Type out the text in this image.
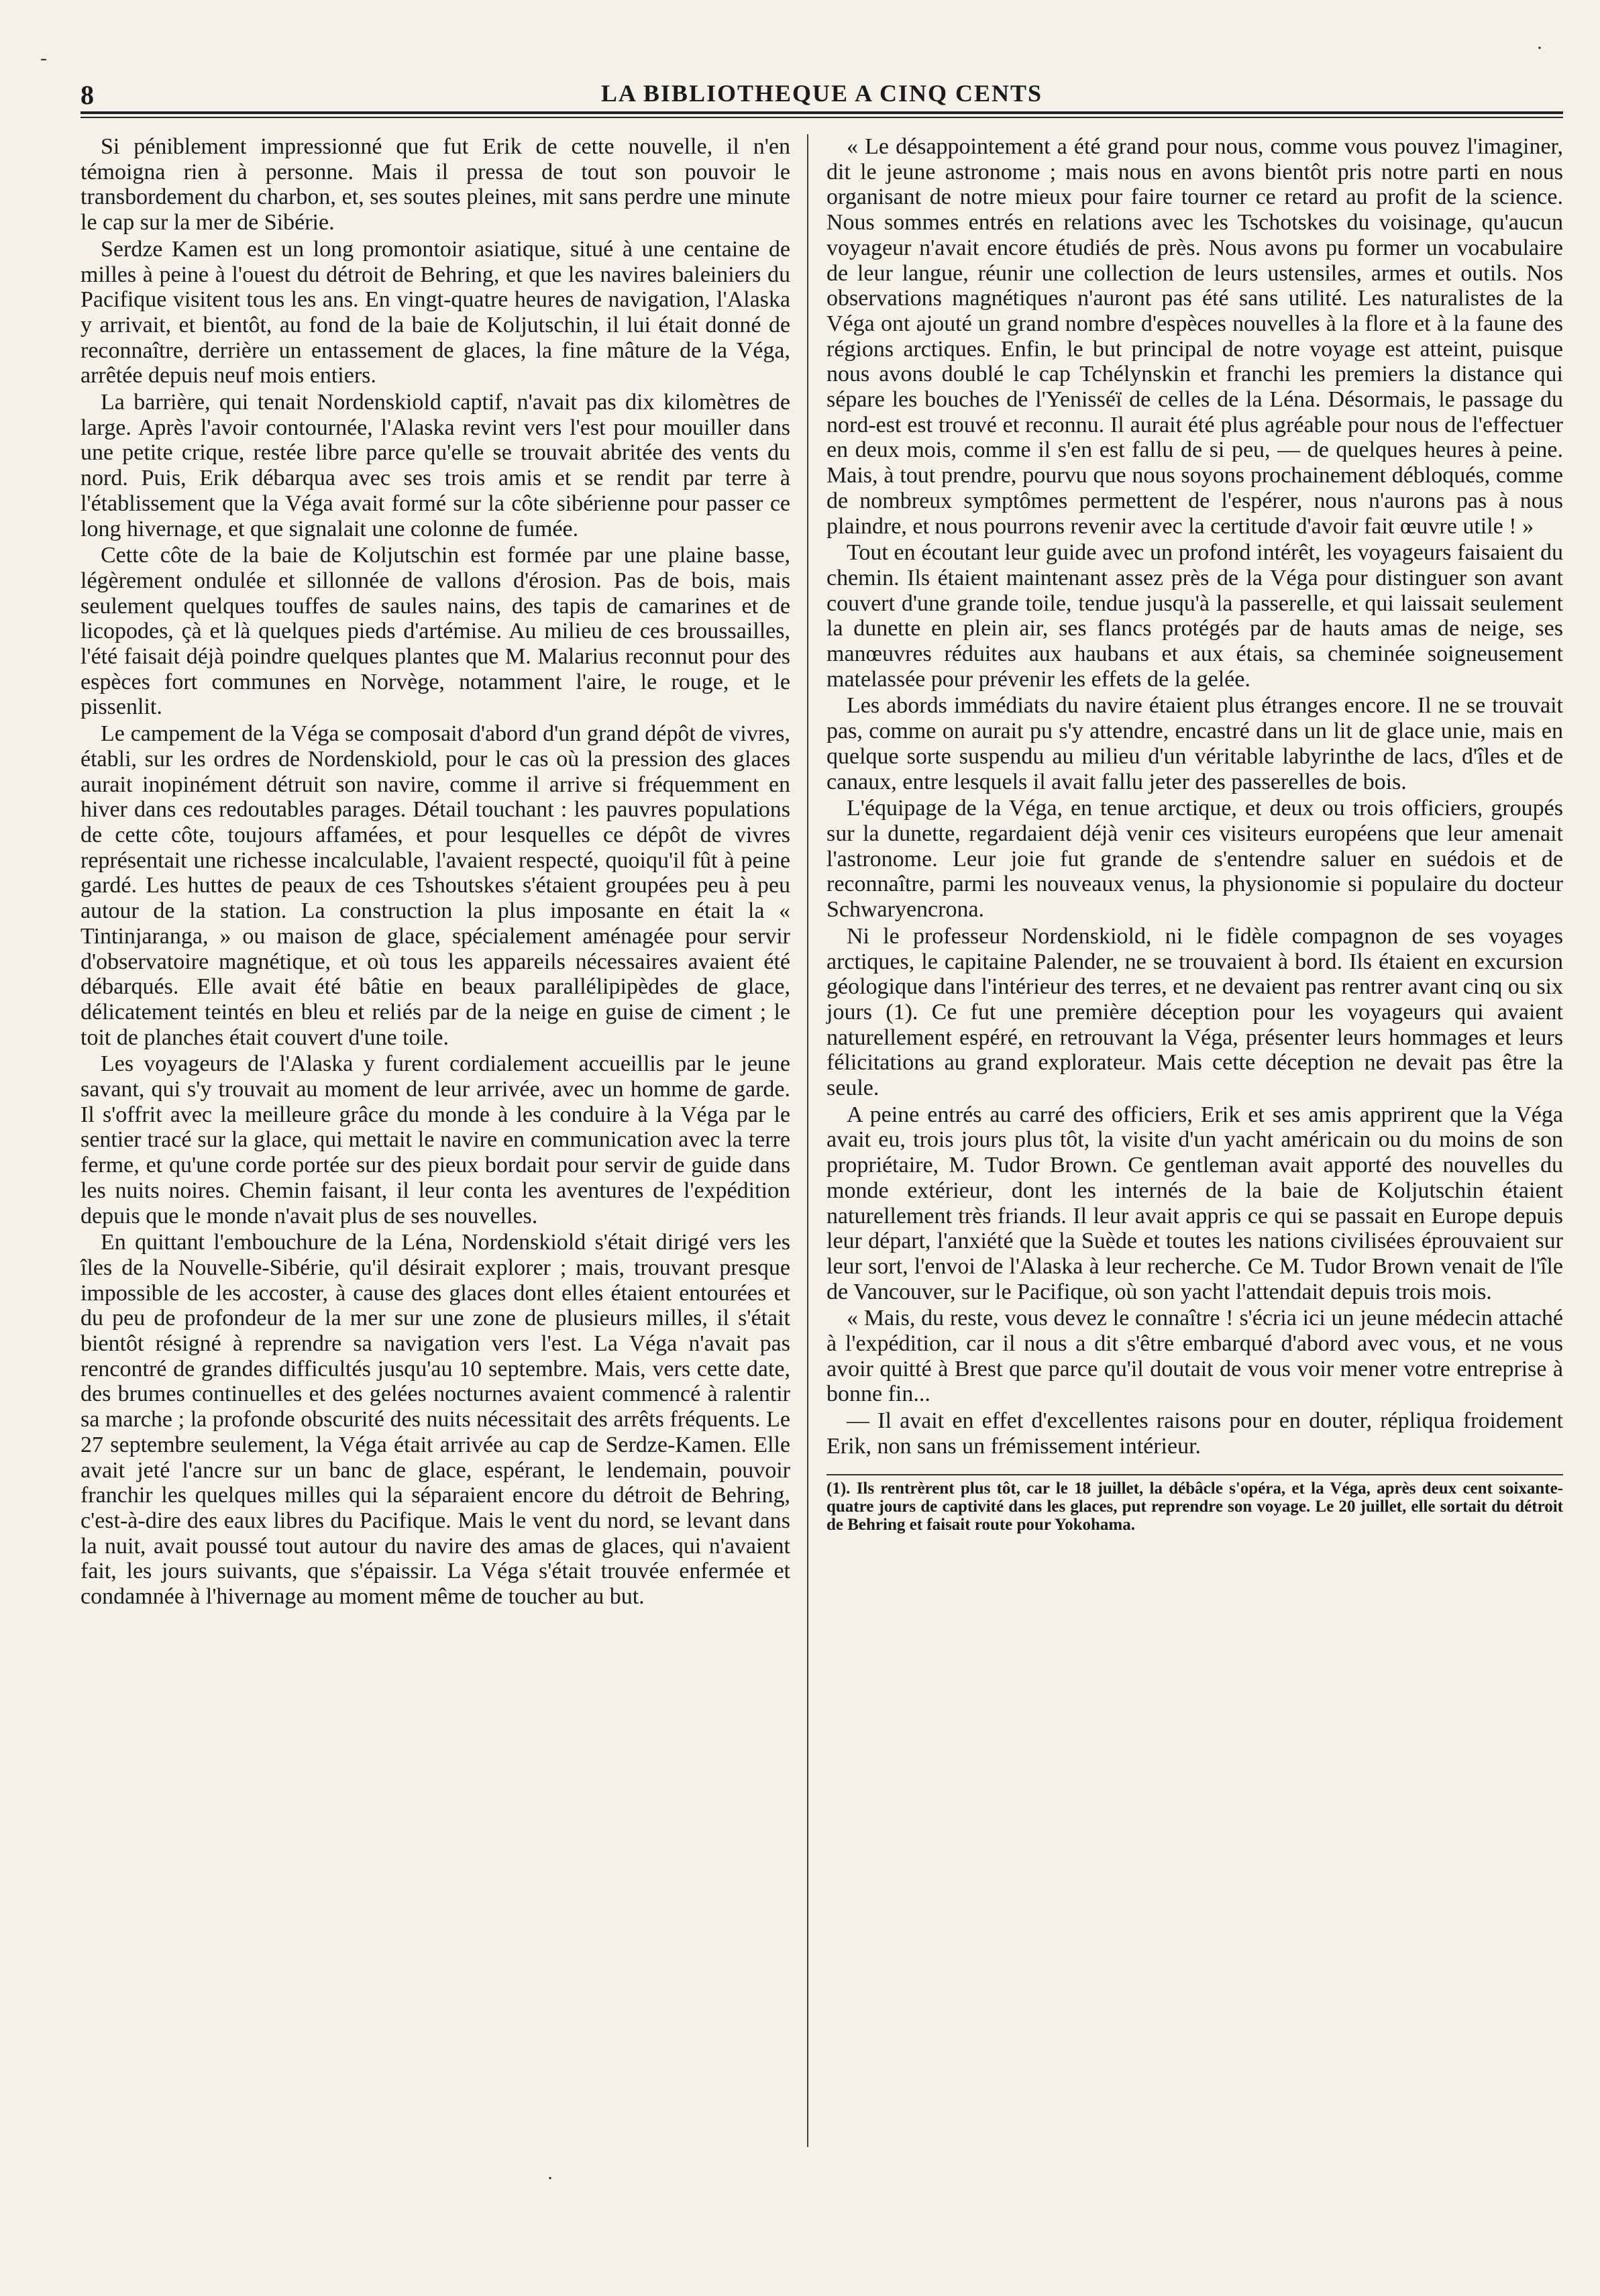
8	LA BIBLIOTHEQUE A CINQ CENTS

Si péniblement impressionné que fut Erik de cette nouvelle, il n'en témoigna rien à personne. Mais il pressa de tout son pouvoir le transbordement du charbon, et, ses soutes pleines, mit sans perdre une minute le cap sur la mer de Sibérie.

Serdze Kamen est un long promontoir asiatique, situé à une centaine de milles à peine à l'ouest du détroit de Behring, et que les navires baleiniers du Pacifique visitent tous les ans. En vingt-quatre heures de navigation, l'Alaska y arrivait, et bientôt, au fond de la baie de Koljutschin, il lui était donné de reconnaître, derrière un entassement de glaces, la fine mâture de la Véga, arrêtée depuis neuf mois entiers.

La barrière, qui tenait Nordenskiold captif, n'avait pas dix kilomètres de large. Après l'avoir contournée, l'Alaska revint vers l'est pour mouiller dans une petite crique, restée libre parce qu'elle se trouvait abritée des vents du nord. Puis, Erik débarqua avec ses trois amis et se rendit par terre à l'établissement que la Véga avait formé sur la côte sibérienne pour passer ce long hivernage, et que signalait une colonne de fumée.

Cette côte de la baie de Koljutschin est formée par une plaine basse, légèrement ondulée et sillonnée de vallons d'érosion. Pas de bois, mais seulement quelques touffes de saules nains, des tapis de camarines et de licopodes, çà et là quelques pieds d'artémise. Au milieu de ces broussailles, l'été faisait déjà poindre quelques plantes que M. Malarius reconnut pour des espèces fort communes en Norvège, notamment l'aire, le rouge, et le pissenlit.

Le campement de la Véga se composait d'abord d'un grand dépôt de vivres, établi, sur les ordres de Nordenskiold, pour le cas où la pression des glaces aurait inopinément détruit son navire, comme il arrive si fréquemment en hiver dans ces redoutables parages. Détail touchant : les pauvres populations de cette côte, toujours affamées, et pour lesquelles ce dépôt de vivres représentait une richesse incalculable, l'avaient respecté, quoiqu'il fût à peine gardé. Les huttes de peaux de ces Tshoutskes s'étaient groupées peu à peu autour de la station. La construction la plus imposante en était la « Tintinjaranga, » ou maison de glace, spécialement aménagée pour servir d'observatoire magnétique, et où tous les appareils nécessaires avaient été débarqués. Elle avait été bâtie en beaux parallélipipèdes de glace, délicatement teintés en bleu et reliés par de la neige en guise de ciment ; le toit de planches était couvert d'une toile.

Les voyageurs de l'Alaska y furent cordialement accueillis par le jeune savant, qui s'y trouvait au moment de leur arrivée, avec un homme de garde. Il s'offrit avec la meilleure grâce du monde à les conduire à la Véga par le sentier tracé sur la glace, qui mettait le navire en communication avec la terre ferme, et qu'une corde portée sur des pieux bordait pour servir de guide dans les nuits noires. Chemin faisant, il leur conta les aventures de l'expédition depuis que le monde n'avait plus de ses nouvelles.

En quittant l'embouchure de la Léna, Nordenskiold s'était dirigé vers les îles de la Nouvelle-Sibérie, qu'il désirait explorer ; mais, trouvant presque impossible de les accoster, à cause des glaces dont elles étaient entourées et du peu de profondeur de la mer sur une zone de plusieurs milles, il s'était bientôt résigné à reprendre sa navigation vers l'est. La Véga n'avait pas rencontré de grandes difficultés jusqu'au 10 septembre. Mais, vers cette date, des brumes continuelles et des gelées nocturnes avaient commencé à ralentir sa marche ; la profonde obscurité des nuits nécessitait des arrêts fréquents. Le 27 septembre seulement, la Véga était arrivée au cap de Serdze-Kamen. Elle avait jeté l'ancre sur un banc de glace, espérant, le lendemain, pouvoir franchir les quelques milles qui la séparaient encore du détroit de Behring, c'est-à-dire des eaux libres du Pacifique. Mais le vent du nord, se levant dans la nuit, avait poussé tout autour du navire des amas de glaces, qui n'avaient fait, les jours suivants, que s'épaissir. La Véga s'était trouvée enfermée et condamnée à l'hivernage au moment même de toucher au but.

« Le désappointement a été grand pour nous, comme vous pouvez l'imaginer, dit le jeune astronome ; mais nous en avons bientôt pris notre parti en nous organisant de notre mieux pour faire tourner ce retard au profit de la science. Nous sommes entrés en relations avec les Tschotskes du voisinage, qu'aucun voyageur n'avait encore étudiés de près. Nous avons pu former un vocabulaire de leur langue, réunir une collection de leurs ustensiles, armes et outils. Nos observations magnétiques n'auront pas été sans utilité. Les naturalistes de la Véga ont ajouté un grand nombre d'espèces nouvelles à la flore et à la faune des régions arctiques. Enfin, le but principal de notre voyage est atteint, puisque nous avons doublé le cap Tchélynskin et franchi les premiers la distance qui sépare les bouches de l'Yenisséï de celles de la Léna. Désormais, le passage du nord-est est trouvé et reconnu. Il aurait été plus agréable pour nous de l'effectuer en deux mois, comme il s'en est fallu de si peu, — de quelques heures à peine. Mais, à tout prendre, pourvu que nous soyons prochainement débloqués, comme de nombreux symptômes permettent de l'espérer, nous n'aurons pas à nous plaindre, et nous pourrons revenir avec la certitude d'avoir fait œuvre utile ! »

Tout en écoutant leur guide avec un profond intérêt, les voyageurs faisaient du chemin. Ils étaient maintenant assez près de la Véga pour distinguer son avant couvert d'une grande toile, tendue jusqu'à la passerelle, et qui laissait seulement la dunette en plein air, ses flancs protégés par de hauts amas de neige, ses manœuvres réduites aux haubans et aux étais, sa cheminée soigneusement matelassée pour prévenir les effets de la gelée.

Les abords immédiats du navire étaient plus étranges encore. Il ne se trouvait pas, comme on aurait pu s'y attendre, encastré dans un lit de glace unie, mais en quelque sorte suspendu au milieu d'un véritable labyrinthe de lacs, d'îles et de canaux, entre lesquels il avait fallu jeter des passerelles de bois.

L'équipage de la Véga, en tenue arctique, et deux ou trois officiers, groupés sur la dunette, regardaient déjà venir ces visiteurs européens que leur amenait l'astronome. Leur joie fut grande de s'entendre saluer en suédois et de reconnaître, parmi les nouveaux venus, la physionomie si populaire du docteur Schwaryencrona.

Ni le professeur Nordenskiold, ni le fidèle compagnon de ses voyages arctiques, le capitaine Palender, ne se trouvaient à bord. Ils étaient en excursion géologique dans l'intérieur des terres, et ne devaient pas rentrer avant cinq ou six jours (1). Ce fut une première déception pour les voyageurs qui avaient naturellement espéré, en retrouvant la Véga, présenter leurs hommages et leurs félicitations au grand explorateur. Mais cette déception ne devait pas être la seule.

A peine entrés au carré des officiers, Erik et ses amis apprirent que la Véga avait eu, trois jours plus tôt, la visite d'un yacht américain ou du moins de son propriétaire, M. Tudor Brown. Ce gentleman avait apporté des nouvelles du monde extérieur, dont les internés de la baie de Koljutschin étaient naturellement très friands. Il leur avait appris ce qui se passait en Europe depuis leur départ, l'anxiété que la Suède et toutes les nations civilisées éprouvaient sur leur sort, l'envoi de l'Alaska à leur recherche. Ce M. Tudor Brown venait de l'île de Vancouver, sur le Pacifique, où son yacht l'attendait depuis trois mois.

« Mais, du reste, vous devez le connaître ! s'écria ici un jeune médecin attaché à l'expédition, car il nous a dit s'être embarqué d'abord avec vous, et ne vous avoir quitté à Brest que parce qu'il doutait de vous voir mener votre entreprise à bonne fin...

— Il avait en effet d'excellentes raisons pour en douter, répliqua froidement Erik, non sans un frémissement intérieur.

(1). Ils rentrèrent plus tôt, car le 18 juillet, la débâcle s'opéra, et la Véga, après deux cent soixante-quatre jours de captivité dans les glaces, put reprendre son voyage. Le 20 juillet, elle sortait du détroit de Behring et faisait route pour Yokohama.
·
-
·
